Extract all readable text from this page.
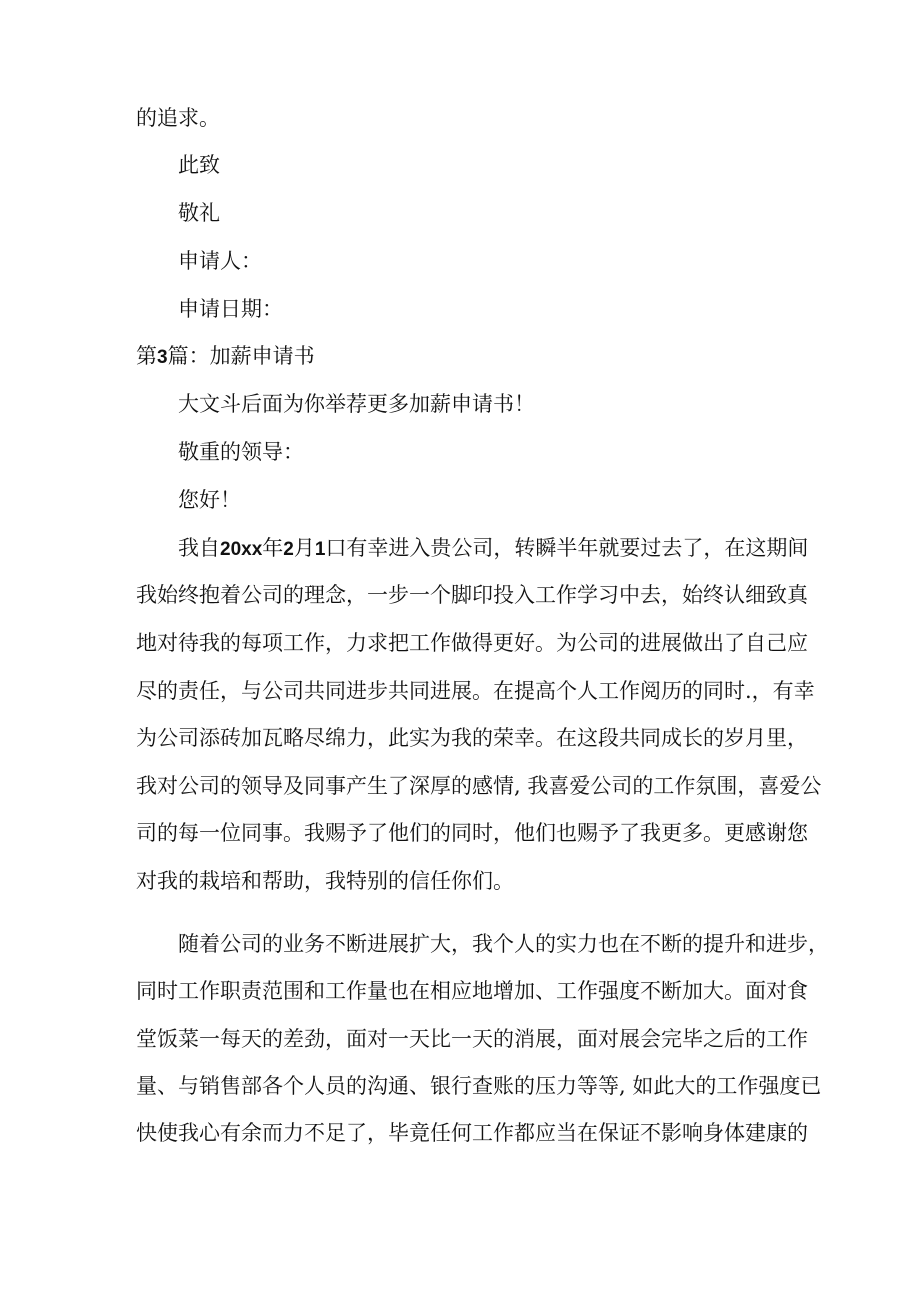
的追求。
此致
敬礼
申请人：
申请日期：
第3篇：加薪申请书
大文斗后面为你举荐更多加薪申请书！
敬重的领导：
您好！
我自20xx年2月1口有幸进入贵公司，转瞬半年就要过去了，在这期间
我始终抱着公司的理念，一步一个脚印投入工作学习中去，始终认细致真
地对待我的每项工作，力求把工作做得更好。为公司的进展做出了自己应
尽的责任，与公司共同进步共同进展。在提高个人工作阅历的同时.，有幸
为公司添砖加瓦略尽绵力，此实为我的荣幸。在这段共同成长的岁月里，
我对公司的领导及同事产生了深厚的感情, 我喜爱公司的工作氛围，喜爱公
司的每一位同事。我赐予了他们的同时，他们也赐予了我更多。更感谢您
对我的栽培和帮助，我特别的信任你们。
随着公司的业务不断进展扩大，我个人的实力也在不断的提升和进步，
同时工作职责范围和工作量也在相应地增加、工作强度不断加大。面对食
堂饭菜一每天的差劲，面对一天比一天的消展，面对展会完毕之后的工作
量、与销售部各个人员的沟通、银行查账的压力等等, 如此大的工作强度已
快使我心有余而力不足了，毕竟任何工作都应当在保证不影响身体建康的
